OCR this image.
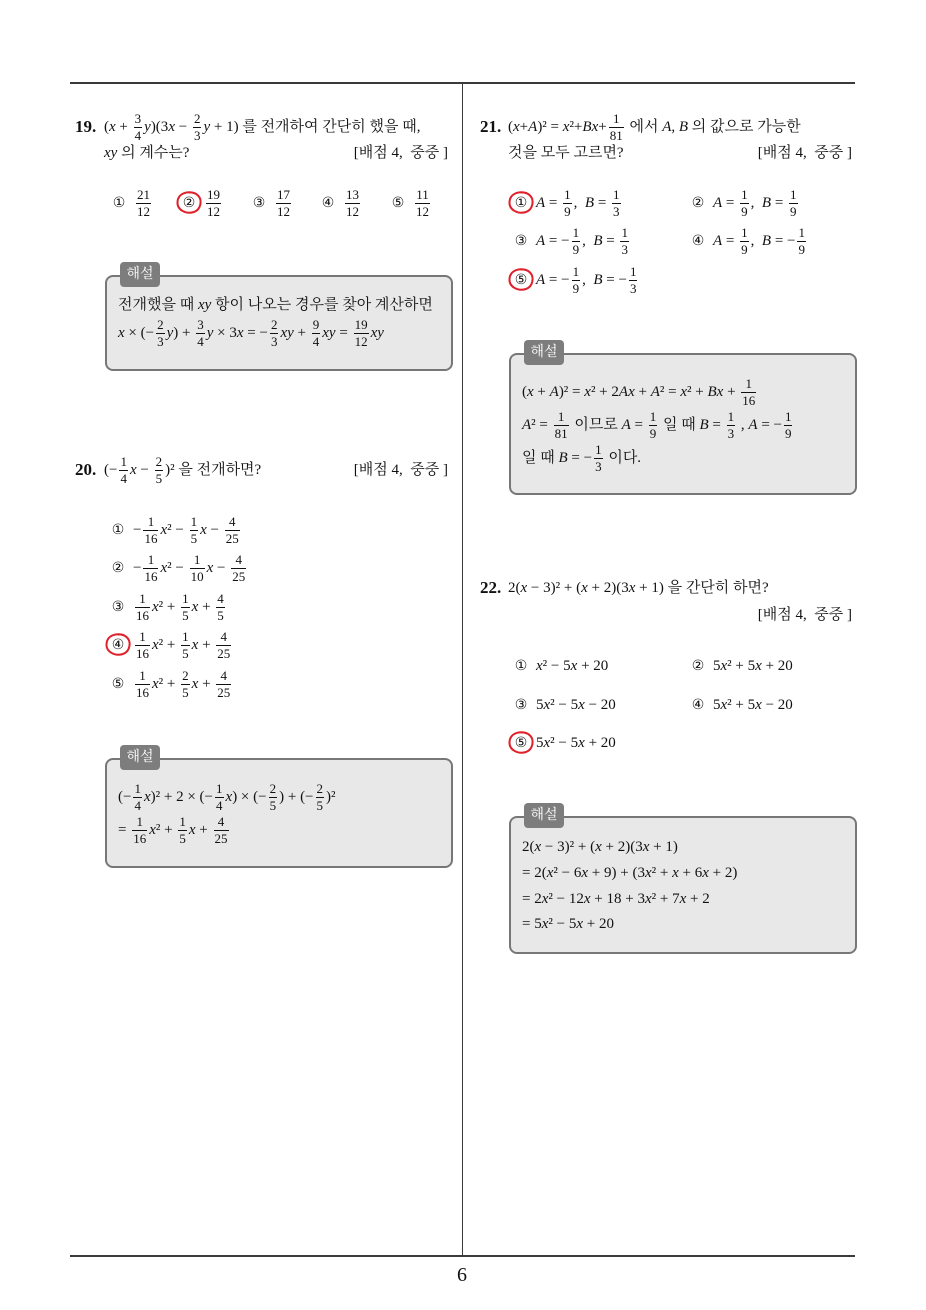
19. $(x + \frac{3}{4} y)(3x - \frac{2}{3}$ y + 1) 를 전개하여 간단히 했을 때,
xy 의 계수는?	[배점 4,  중중 ]
① $\frac{21}{12}$ ② $\frac{19}{12}$ ③ $\frac{17}{12}$ ④ $\frac{13}{12}$ ⑤ $\frac{11}{12}$
해설
전개했을 때 xy 항이 나오는 경우를 찾아 계산하면
x × (− $\frac{2}{3} y) + \frac{3}{4}$ y × 3x = − $\frac{2}{3}$ xy + $\frac{9}{4}$ xy = $\frac{19}{12}$ xy
20. (− $\frac{1}{4}$ $x - \frac{2}{5} )^2$ 을 전개하면?	[배점 4,  중중 ]
① − $\frac{1}{16} x^2 - \frac{1}{5}$ $x - \frac{4}{25}$
② − $\frac{1}{16} x^2 - \frac{1}{10}$ $x - \frac{4}{25}$
③ $\frac{1}{16} x^2 + \frac{1}{5}$ $x + \frac{4}{5}$
④ $\frac{1}{16} x^2 + \frac{1}{5}$ $x + \frac{4}{25}$
⑤ $\frac{1}{16} x^2 + \frac{2}{5}$ $x + \frac{4}{25}$
해설
(− $\frac{1}{4} x)^2 + 2$ × (− $\frac{1}{4} x$) × (− $\frac{2}{5}$ ) + (− $\frac{2}{5} )^2$
= $\frac{1}{16} x^2 + \frac{1}{5}$ $x + \frac{4}{25}$
21. $(x+A)^2 = x^2+Bx+ \frac{1}{81}$ 에서 A, B 의 값으로 가능한
것을 모두 고르면?	[배점 4,  중중 ]
① $A = \frac{1}{9}$ ,  $B = \frac{1}{3}$	② $A = \frac{1}{9}$ ,  $B = \frac{1}{9}$
③ A = − $\frac{1}{9}$ ,  $B = \frac{1}{3}$	④ $A = \frac{1}{9}$ ,  B = − $\frac{1}{9}$
⑤ A = − $\frac{1}{9}$ ,  B = − $\frac{1}{3}$
해설
$(x + A)^2 = x^2 + 2Ax + A^2 = x^2 + Bx + \frac{1}{16}$
$A^2 = \frac{1}{81}$ 이므로 $A = \frac{1}{9}$ 일 때 $B = \frac{1}{3}$ , A = − $\frac{1}{9}$
일 때 B = − $\frac{1}{3}$ 이다.
22. 2(x − 3)² + (x + 2)(3x + 1) 을 간단히 하면?
[배점 4,  중중 ]
① x² − 5x + 20	② 5x² + 5x + 20
③ 5x² − 5x − 20	④ 5x² + 5x − 20
⑤ 5x² − 5x + 20
해설
2(x − 3)² + (x + 2)(3x + 1)
= 2(x² − 6x + 9) + (3x² + x + 6x + 2)
= 2x² − 12x + 18 + 3x² + 7x + 2
= 5x² − 5x + 20
6
